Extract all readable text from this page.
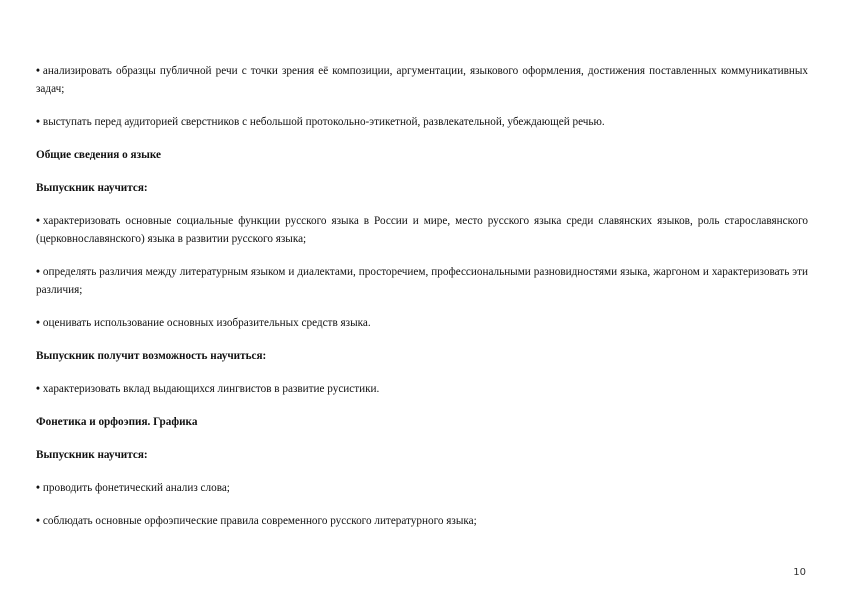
• анализировать образцы публичной речи с точки зрения её композиции, аргументации, языкового оформления, достижения поставленных коммуникативных задач;

• выступать перед аудиторией сверстников с небольшой протокольно-этикетной, развлекательной, убеждающей речью.

Общие сведения о языке

Выпускник научится:

• характеризовать основные социальные функции русского языка в России и мире, место русского языка среди славянских языков, роль старославянского (церковнославянского) языка в развитии русского языка;

• определять различия между литературным языком и диалектами, просторечием, профессиональными разновидностями языка, жаргоном и характеризовать эти различия;

• оценивать использование основных изобразительных средств языка.

Выпускник получит возможность научиться:

• характеризовать вклад выдающихся лингвистов в развитие русистики.

Фонетика и орфоэпия. Графика

Выпускник научится:

• проводить фонетический анализ слова;

• соблюдать основные орфоэпические правила современного русского литературного языка;

10
